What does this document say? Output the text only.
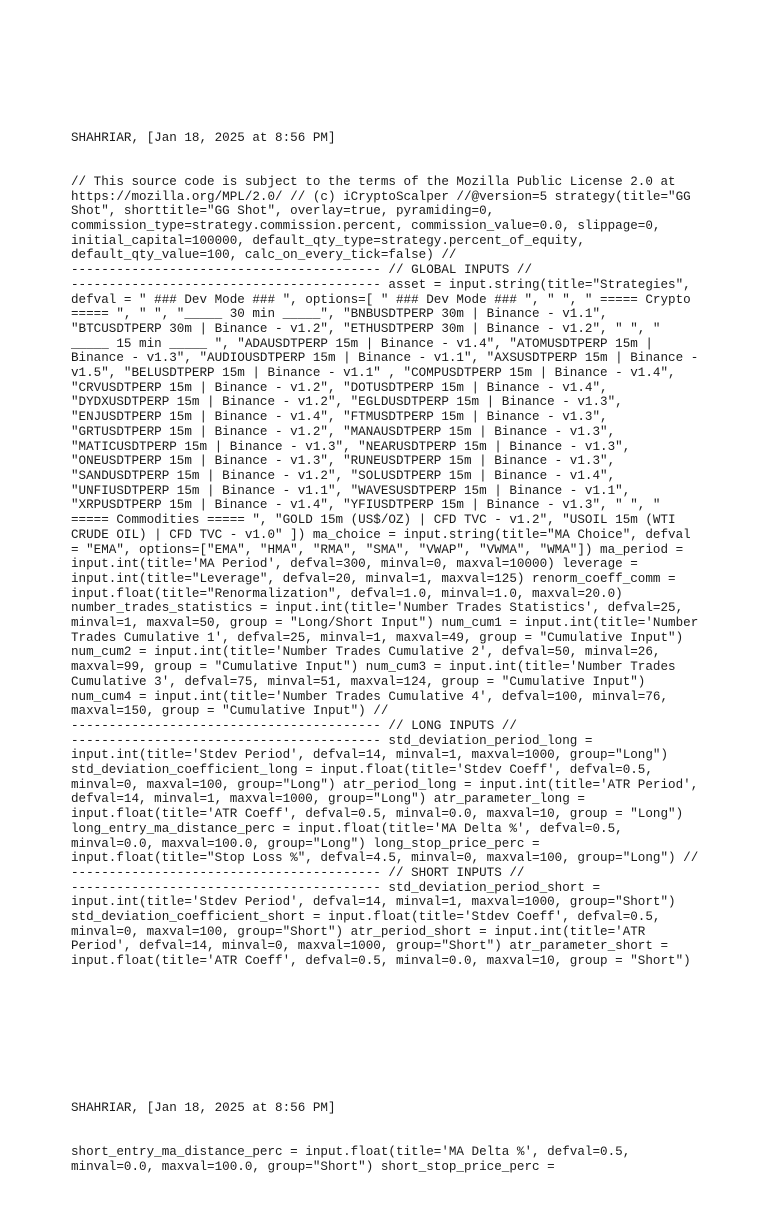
SHAHRIAR, [Jan 18, 2025 at 8:56 PM]

// This source code is subject to the terms of the Mozilla Public License 2.0 at
https://mozilla.org/MPL/2.0/ // (c) iCryptoScalper //@version=5 strategy(title="GG
Shot", shorttitle="GG Shot", overlay=true, pyramiding=0,
commission_type=strategy.commission.percent, commission_value=0.0, slippage=0,
initial_capital=100000, default_qty_type=strategy.percent_of_equity,
default_qty_value=100, calc_on_every_tick=false) //
----------------------------------------- // GLOBAL INPUTS //
----------------------------------------- asset = input.string(title="Strategies",
defval = " ### Dev Mode ### ", options=[ " ### Dev Mode ### ", " ", " ===== Crypto
===== ", " ", "_____ 30 min _____", "BNBUSDTPERP 30m | Binance - v1.1",
"BTCUSDTPERP 30m | Binance - v1.2", "ETHUSDTPERP 30m | Binance - v1.2", " ", "
_____ 15 min _____ ", "ADAUSDTPERP 15m | Binance - v1.4", "ATOMUSDTPERP 15m |
Binance - v1.3", "AUDIOUSDTPERP 15m | Binance - v1.1", "AXSUSDTPERP 15m | Binance -
v1.5", "BELUSDTPERP 15m | Binance - v1.1" , "COMPUSDTPERP 15m | Binance - v1.4",
"CRVUSDTPERP 15m | Binance - v1.2", "DOTUSDTPERP 15m | Binance - v1.4",
"DYDXUSDTPERP 15m | Binance - v1.2", "EGLDUSDTPERP 15m | Binance - v1.3",
"ENJUSDTPERP 15m | Binance - v1.4", "FTMUSDTPERP 15m | Binance - v1.3",
"GRTUSDTPERP 15m | Binance - v1.2", "MANAUSDTPERP 15m | Binance - v1.3",
"MATICUSDTPERP 15m | Binance - v1.3", "NEARUSDTPERP 15m | Binance - v1.3",
"ONEUSDTPERP 15m | Binance - v1.3", "RUNEUSDTPERP 15m | Binance - v1.3",
"SANDUSDTPERP 15m | Binance - v1.2", "SOLUSDTPERP 15m | Binance - v1.4",
"UNFIUSDTPERP 15m | Binance - v1.1", "WAVESUSDTPERP 15m | Binance - v1.1",
"XRPUSDTPERP 15m | Binance - v1.4", "YFIUSDTPERP 15m | Binance - v1.3", " ", "
===== Commodities ===== ", "GOLD 15m (US$/OZ) | CFD TVC - v1.2", "USOIL 15m (WTI
CRUDE OIL) | CFD TVC - v1.0" ]) ma_choice = input.string(title="MA Choice", defval
= "EMA", options=["EMA", "HMA", "RMA", "SMA", "VWAP", "VWMA", "WMA"]) ma_period =
input.int(title='MA Period', defval=300, minval=0, maxval=10000) leverage =
input.int(title="Leverage", defval=20, minval=1, maxval=125) renorm_coeff_comm =
input.float(title="Renormalization", defval=1.0, minval=1.0, maxval=20.0)
number_trades_statistics = input.int(title='Number Trades Statistics', defval=25,
minval=1, maxval=50, group = "Long/Short Input") num_cum1 = input.int(title='Number
Trades Cumulative 1', defval=25, minval=1, maxval=49, group = "Cumulative Input")
num_cum2 = input.int(title='Number Trades Cumulative 2', defval=50, minval=26,
maxval=99, group = "Cumulative Input") num_cum3 = input.int(title='Number Trades
Cumulative 3', defval=75, minval=51, maxval=124, group = "Cumulative Input")
num_cum4 = input.int(title='Number Trades Cumulative 4', defval=100, minval=76,
maxval=150, group = "Cumulative Input") //
----------------------------------------- // LONG INPUTS //
----------------------------------------- std_deviation_period_long =
input.int(title='Stdev Period', defval=14, minval=1, maxval=1000, group="Long")
std_deviation_coefficient_long = input.float(title='Stdev Coeff', defval=0.5,
minval=0, maxval=100, group="Long") atr_period_long = input.int(title='ATR Period',
defval=14, minval=1, maxval=1000, group="Long") atr_parameter_long =
input.float(title='ATR Coeff', defval=0.5, minval=0.0, maxval=10, group = "Long")
long_entry_ma_distance_perc = input.float(title='MA Delta %', defval=0.5,
minval=0.0, maxval=100.0, group="Long") long_stop_price_perc =
input.float(title="Stop Loss %", defval=4.5, minval=0, maxval=100, group="Long") //
----------------------------------------- // SHORT INPUTS //
----------------------------------------- std_deviation_period_short =
input.int(title='Stdev Period', defval=14, minval=1, maxval=1000, group="Short")
std_deviation_coefficient_short = input.float(title='Stdev Coeff', defval=0.5,
minval=0, maxval=100, group="Short") atr_period_short = input.int(title='ATR
Period', defval=14, minval=0, maxval=1000, group="Short") atr_parameter_short =
input.float(title='ATR Coeff', defval=0.5, minval=0.0, maxval=10, group = "Short")

SHAHRIAR, [Jan 18, 2025 at 8:56 PM]

short_entry_ma_distance_perc = input.float(title='MA Delta %', defval=0.5,
minval=0.0, maxval=100.0, group="Short") short_stop_price_perc =
